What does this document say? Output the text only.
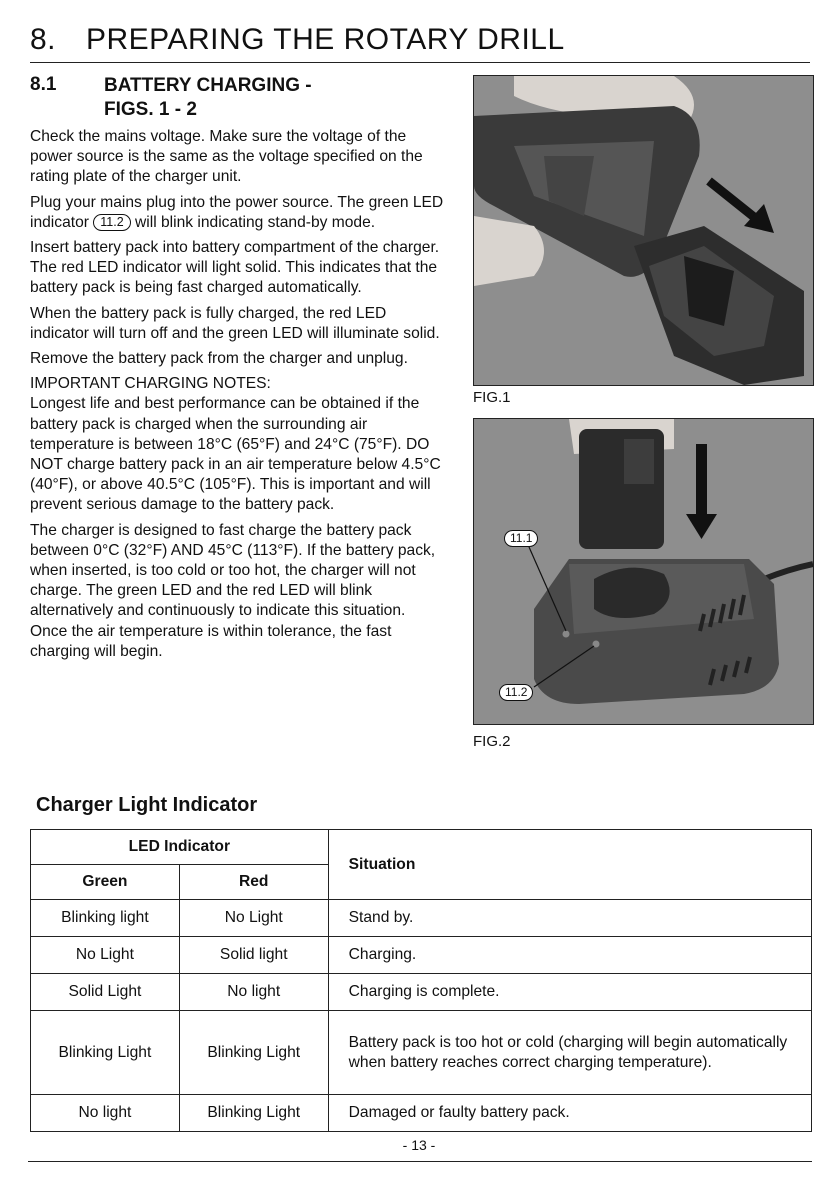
8. PREPARING THE ROTARY DRILL
8.1	BATTERY CHARGING -
FIGS. 1 - 2

Check the mains voltage. Make sure the voltage of the power source is the same as the voltage specified on the rating plate of the charger unit.

Plug your mains plug into the power source. The green LED indicator 11.2 will blink indicating stand-by mode.

Insert battery pack into battery compartment of the charger. The red LED indicator will light solid. This indicates that the battery pack is being fast charged automatically.

When the battery pack is fully charged, the red LED indicator will turn off and the green LED will illuminate solid.

Remove the battery pack from the charger and unplug.

IMPORTANT CHARGING NOTES:

Longest life and best performance can be obtained if the battery pack is charged when the surrounding air temperature is between 18°C (65°F) and 24°C (75°F). DO NOT charge battery pack in an air temperature below 4.5°C (40°F), or above 40.5°C (105°F). This is important and will prevent serious damage to the battery pack.

The charger is designed to fast charge the battery pack between 0°C (32°F) AND 45°C (113°F). If the battery pack, when inserted, is too cold or too hot, the charger will not charge. The green LED and the red LED will blink alternatively and continuously to indicate this situation. Once the air temperature is within tolerance, the fast charging will begin.

FIG.1
11.1
11.2
FIG.2
Charger Light Indicator
LED Indicator		Situation
Green	Red	
Blinking light	No Light	Stand by.
No Light	Solid light	Charging.
Solid Light	No light	Charging is complete.
Blinking Light	Blinking Light	Battery pack is too hot or cold (charging will begin automatically when battery reaches correct charging temperature).
No light	Blinking Light	Damaged or faulty battery pack.
- 13 -
